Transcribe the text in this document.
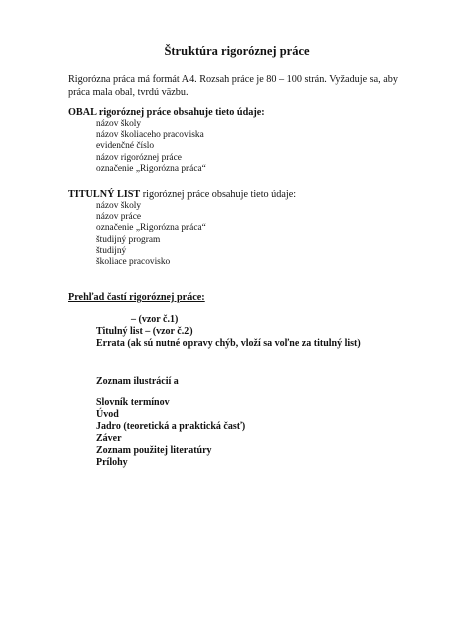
Štruktúra rigoróznej práce
Rigorózna práca má formát A4. Rozsah práce je 80 – 100 strán. Vyžaduje sa, aby práca mala obal, tvrdú väzbu.
OBAL rigoróznej práce obsahuje tieto údaje:
názov školy
názov školiaceho pracoviska
evidenčné číslo
názov rigoróznej práce
označenie „Rigorózna práca“
TITULNÝ LIST rigoróznej práce obsahuje tieto údaje:
názov školy
názov práce
označenie „Rigorózna práca“
študijný program
študijný
školiace pracovisko
Prehľad častí rigoróznej práce:
– (vzor č.1)
Titulný list – (vzor č.2)
Errata (ak sú nutné opravy chýb, vloží sa voľne za titulný list)
Zoznam ilustrácií a
Slovník termínov
Úvod
Jadro (teoretická a praktická časť)
Záver
Zoznam použitej literatúry
Prílohy
